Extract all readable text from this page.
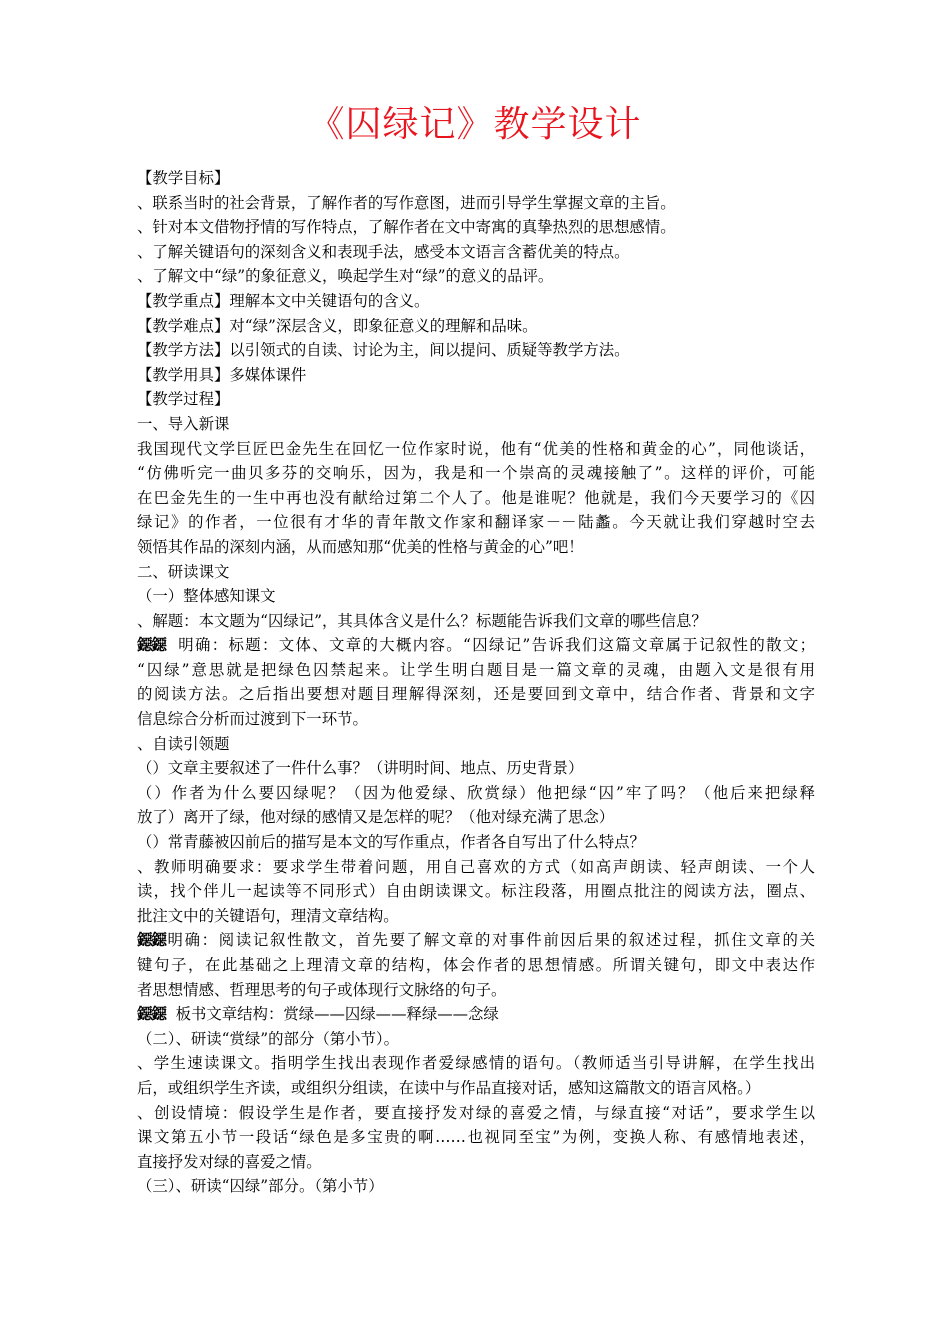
《囚绿记》教学设计
【教学目标】
、联系当时的社会背景，了解作者的写作意图，进而引导学生掌握文章的主旨。
、针对本文借物抒情的写作特点，了解作者在文中寄寓的真挚热烈的思想感情。
、了解关键语句的深刻含义和表现手法，感受本文语言含蓄优美的特点。
、了解文中“绿”的象征意义，唤起学生对“绿”的意义的品评。
【教学重点】理解本文中关键语句的含义。
【教学难点】对“绿”深层含义，即象征意义的理解和品味。
【教学方法】以引领式的自读、讨论为主，间以提问、质疑等教学方法。
【教学用具】多媒体课件
【教学过程】
一、导入新课
我国现代文学巨匠巴金先生在回忆一位作家时说，他有“优美的性格和黄金的心”，同他谈话，
“仿佛听完一曲贝多芬的交响乐，因为，我是和一个崇高的灵魂接触了”。这样的评价，可能
在巴金先生的一生中再也没有献给过第二个人了。他是谁呢？他就是，我们今天要学习的《囚
绿记》的作者，一位很有才华的青年散文作家和翻译家－－陆蠡。今天就让我们穿越时空去
领悟其作品的深刻内涵，从而感知那“优美的性格与黄金的心”吧！
二、研读课文
（一）整体感知课文
、解题：本文题为“囚绿记”，其具体含义是什么？标题能告诉我们文章的哪些信息？
鐚鐚 明确：标题：文体、文章的大概内容。“囚绿记”告诉我们这篇文章属于记叙性的散文；
“囚绿”意思就是把绿色囚禁起来。让学生明白题目是一篇文章的灵魂，由题入文是很有用
的阅读方法。之后指出要想对题目理解得深刻，还是要回到文章中，结合作者、背景和文字
信息综合分析而过渡到下一环节。
、自读引领题
（）文章主要叙述了一件什么事？（讲明时间、地点、历史背景）
（）作者为什么要囚绿呢？（因为他爱绿、欣赏绿）他把绿“囚”牢了吗？（他后来把绿释
放了）离开了绿，他对绿的感情又是怎样的呢？（他对绿充满了思念）
（）常青藤被囚前后的描写是本文的写作重点，作者各自写出了什么特点？
、教师明确要求：要求学生带着问题，用自己喜欢的方式（如高声朗读、轻声朗读、一个人
读，找个伴儿一起读等不同形式）自由朗读课文。标注段落，用圈点批注的阅读方法，圈点、
批注文中的关键语句，理清文章结构。
鐚鐚明确：阅读记叙性散文，首先要了解文章的对事件前因后果的叙述过程，抓住文章的关
键句子，在此基础之上理清文章的结构，体会作者的思想情感。所谓关键句，即文中表达作
者思想情感、哲理思考的句子或体现行文脉络的句子。
鐚鐚 板书文章结构：赏绿——囚绿——释绿——念绿
（二）、研读“赏绿”的部分（第小节）。
、学生速读课文。指明学生找出表现作者爱绿感情的语句。（教师适当引导讲解，在学生找出
后，或组织学生齐读，或组织分组读，在读中与作品直接对话，感知这篇散文的语言风格。）
、创设情境：假设学生是作者，要直接抒发对绿的喜爱之情，与绿直接“对话”，要求学生以
课文第五小节一段话“绿色是多宝贵的啊……也视同至宝”为例，变换人称、有感情地表述，
直接抒发对绿的喜爱之情。
（三）、研读“囚绿”部分。（第小节）
